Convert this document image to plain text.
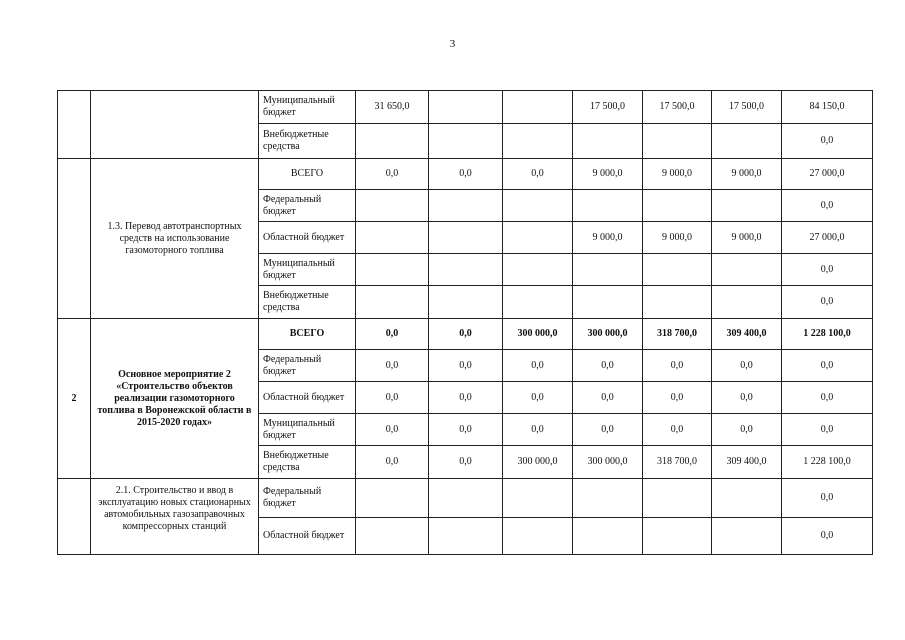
3
		Муниципальный бюджет	31 650,0			17 500,0	17 500,0	17 500,0	84 150,0
		Внебюджетные средства							0,0
	1.3. Перевод автотранспортных средств на использование газомоторного топлива	ВСЕГО	0,0	0,0	0,0	9 000,0	9 000,0	9 000,0	27 000,0
		Федеральный бюджет							0,0
		Областной бюджет				9 000,0	9 000,0	9 000,0	27 000,0
		Муниципальный бюджет							0,0
		Внебюджетные средства							0,0
2	Основное мероприятие 2 «Строительство объектов реализации газомоторного топлива в Воронежской области в 2015-2020 годах»	ВСЕГО	0,0	0,0	300 000,0	300 000,0	318 700,0	309 400,0	1 228 100,0
		Федеральный бюджет	0,0	0,0	0,0	0,0	0,0	0,0	0,0
		Областной бюджет	0,0	0,0	0,0	0,0	0,0	0,0	0,0
		Муниципальный бюджет	0,0	0,0	0,0	0,0	0,0	0,0	0,0
		Внебюджетные средства	0,0	0,0	300 000,0	300 000,0	318 700,0	309 400,0	1 228 100,0
	2.1. Строительство и ввод в эксплуатацию новых стационарных автомобильных газозаправочных компрессорных станций	Федеральный бюджет							0,0
		Областной бюджет							0,0
